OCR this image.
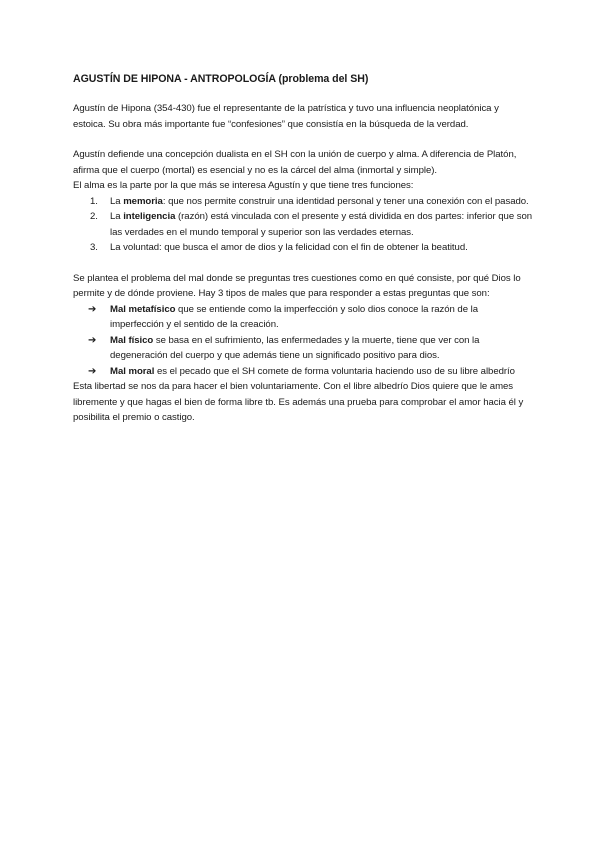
AGUSTÍN DE HIPONA - ANTROPOLOGÍA (problema del SH)

Agustín de Hipona (354-430) fue el representante de la patrística y tuvo una influencia neoplatónica y estoica. Su obra más importante fue “confesiones” que consistía en la búsqueda de la verdad.

Agustín defiende una concepción dualista en el SH con la unión de cuerpo y alma. A diferencia de Platón, afirma que el cuerpo (mortal) es esencial y no es la cárcel del alma (inmortal y simple).

El alma es la parte por la que más se interesa Agustín y que tiene tres funciones:

1. La memoria: que nos permite construir una identidad personal y tener una conexión con el pasado.
2. La inteligencia (razón) está vinculada con el presente y está dividida en dos partes: inferior que son las verdades en el mundo temporal y superior son las verdades eternas.
3. La voluntad: que busca el amor de dios y la felicidad con el fin de obtener la beatitud.

Se plantea el problema del mal donde se preguntas tres cuestiones como en qué consiste, por qué Dios lo permite y de dónde proviene. Hay 3 tipos de males que para responder a estas preguntas que son:

➔ Mal metafísico que se entiende como la imperfección y solo dios conoce la razón de la imperfección y el sentido de la creación.
➔ Mal físico se basa en el sufrimiento, las enfermedades y la muerte, tiene que ver con la degeneración del cuerpo y que además tiene un significado positivo para dios.
➔ Mal moral es el pecado que el SH comete de forma voluntaria haciendo uso de su libre albedrío

Esta libertad se nos da para hacer el bien voluntariamente. Con el libre albedrío Dios quiere que le ames libremente y que hagas el bien de forma libre tb. Es además una prueba para comprobar el amor hacia él y posibilita el premio o castigo.
